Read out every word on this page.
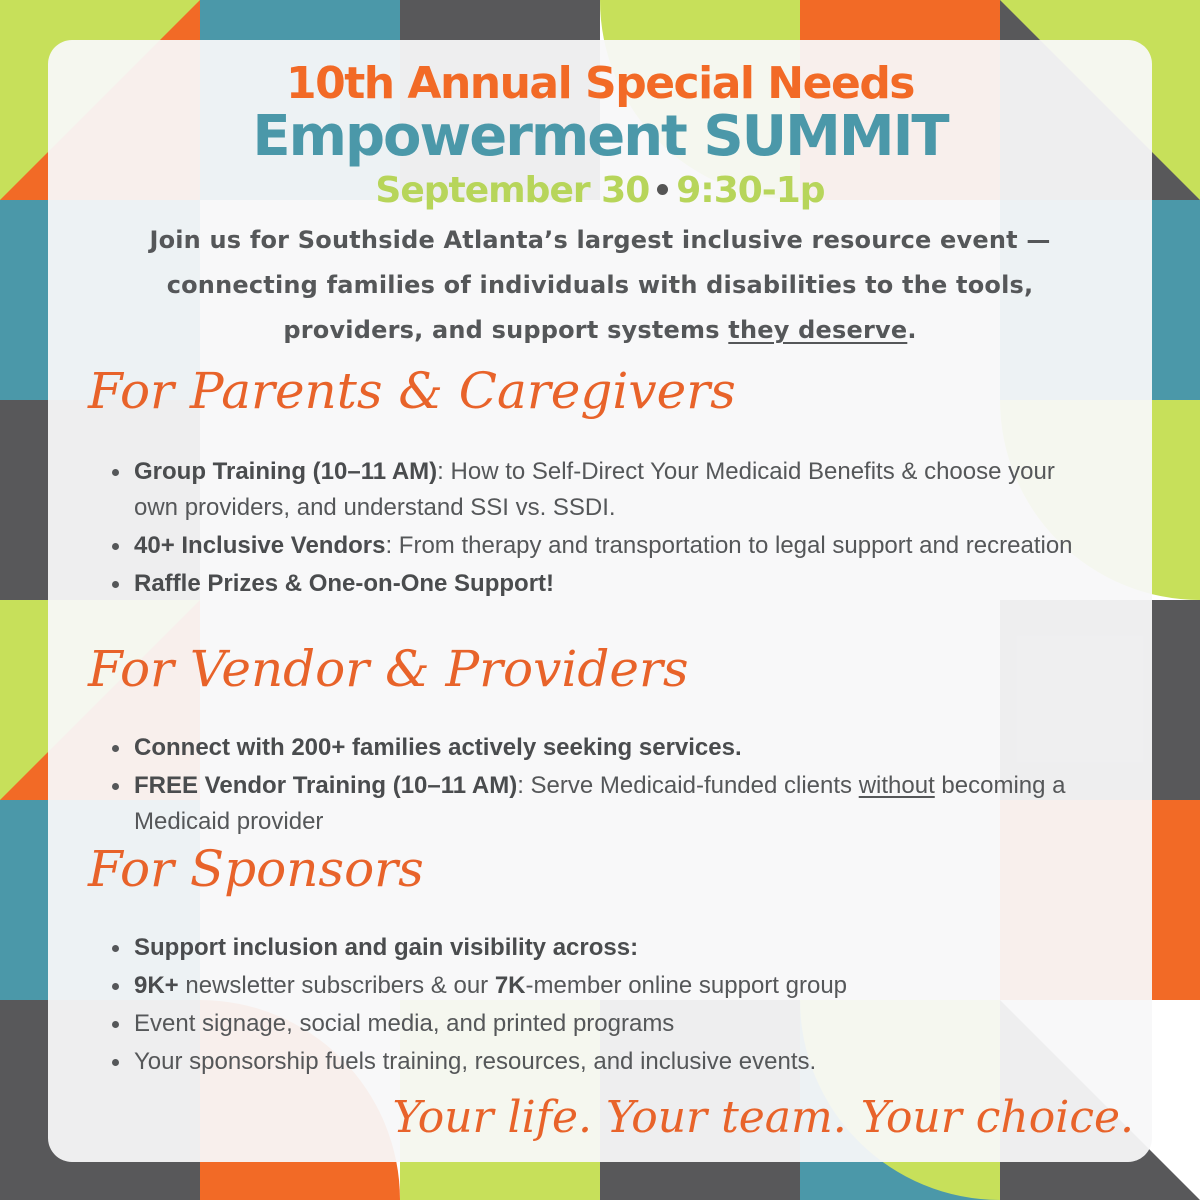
10th Annual Special Needs
Empowerment SUMMIT
September 30 9:30-1p
Join us for Southside Atlanta’s largest inclusive resource event — connecting families of individuals with disabilities to the tools, providers, and support systems they deserve.
For Parents & Caregivers
Group Training (10–11 AM): How to Self-Direct Your Medicaid Benefits & choose your own providers, and understand SSI vs. SSDI.
40+ Inclusive Vendors: From therapy and transportation to legal support and recreation
Raffle Prizes & One-on-One Support!
For Vendor & Providers
Connect with 200+ families actively seeking services.
FREE Vendor Training (10–11 AM): Serve Medicaid-funded clients without becoming a Medicaid provider
For Sponsors
Support inclusion and gain visibility across:
9K+ newsletter subscribers & our 7K-member online support group
Event signage, social media, and printed programs
Your sponsorship fuels training, resources, and inclusive events.
Your life. Your team. Your choice.
